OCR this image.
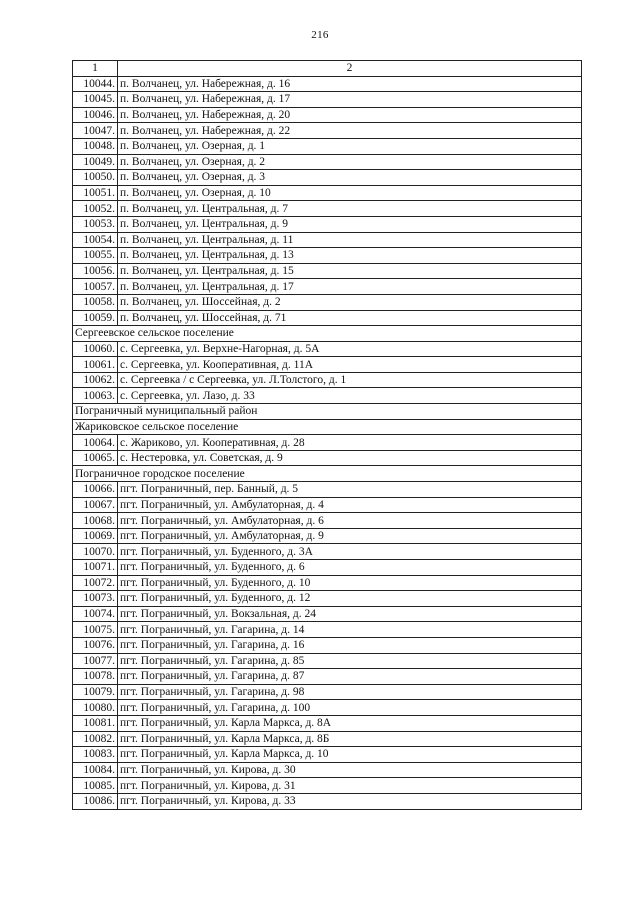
216
1	2
10044.	п. Волчанец, ул. Набережная, д. 16
10045.	п. Волчанец, ул. Набережная, д. 17
10046.	п. Волчанец, ул. Набережная, д. 20
10047.	п. Волчанец, ул. Набережная, д. 22
10048.	п. Волчанец, ул. Озерная, д. 1
10049.	п. Волчанец, ул. Озерная, д. 2
10050.	п. Волчанец, ул. Озерная, д. 3
10051.	п. Волчанец, ул. Озерная, д. 10
10052.	п. Волчанец, ул. Центральная, д. 7
10053.	п. Волчанец, ул. Центральная, д. 9
10054.	п. Волчанец, ул. Центральная, д. 11
10055.	п. Волчанец, ул. Центральная, д. 13
10056.	п. Волчанец, ул. Центральная, д. 15
10057.	п. Волчанец, ул. Центральная, д. 17
10058.	п. Волчанец, ул. Шоссейная, д. 2
10059.	п. Волчанец, ул. Шоссейная, д. 71
Сергеевское сельское поселение	
10060.	с. Сергеевка, ул. Верхне-Нагорная, д. 5А
10061.	с. Сергеевка, ул. Кооперативная, д. 11А
10062.	с. Сергеевка / с Сергеевка, ул. Л.Толстого, д. 1
10063.	с. Сергеевка, ул. Лазо, д. 33
Пограничный муниципальный район	
Жариковское сельское поселение	
10064.	с. Жариково, ул. Кооперативная, д. 28
10065.	с. Нестеровка, ул. Советская, д. 9
Пограничное городское поселение	
10066.	пгт. Пограничный, пер. Банный, д. 5
10067.	пгт. Пограничный, ул. Амбулаторная, д. 4
10068.	пгт. Пограничный, ул. Амбулаторная, д. 6
10069.	пгт. Пограничный, ул. Амбулаторная, д. 9
10070.	пгт. Пограничный, ул. Буденного, д. 3А
10071.	пгт. Пограничный, ул. Буденного, д. 6
10072.	пгт. Пограничный, ул. Буденного, д. 10
10073.	пгт. Пограничный, ул. Буденного, д. 12
10074.	пгт. Пограничный, ул. Вокзальная, д. 24
10075.	пгт. Пограничный, ул. Гагарина, д. 14
10076.	пгт. Пограничный, ул. Гагарина, д. 16
10077.	пгт. Пограничный, ул. Гагарина, д. 85
10078.	пгт. Пограничный, ул. Гагарина, д. 87
10079.	пгт. Пограничный, ул. Гагарина, д. 98
10080.	пгт. Пограничный, ул. Гагарина, д. 100
10081.	пгт. Пограничный, ул. Карла Маркса, д. 8А
10082.	пгт. Пограничный, ул. Карла Маркса, д. 8Б
10083.	пгт. Пограничный, ул. Карла Маркса, д. 10
10084.	пгт. Пограничный, ул. Кирова, д. 30
10085.	пгт. Пограничный, ул. Кирова, д. 31
10086.	пгт. Пограничный, ул. Кирова, д. 33
